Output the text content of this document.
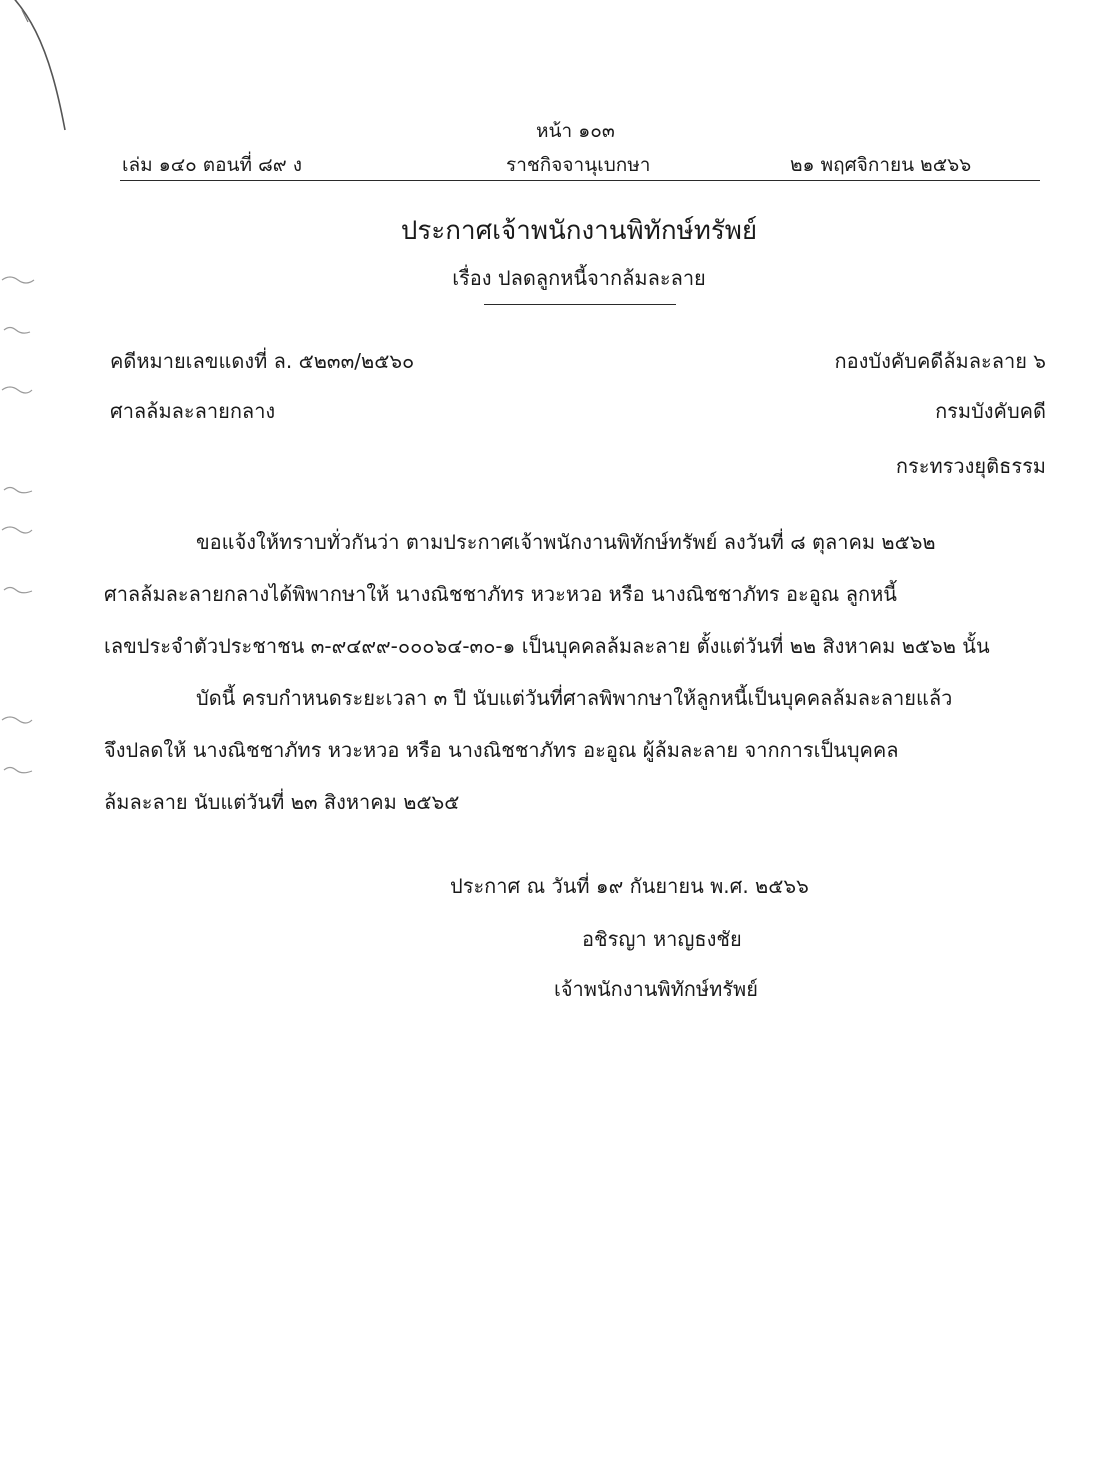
หน้า ๑๐๓
เล่ม ๑๔๐ ตอนที่ ๘๙ ง	ราชกิจจานุเบกษา	๒๑ พฤศจิกายน ๒๕๖๖
ประกาศเจ้าพนักงานพิทักษ์ทรัพย์
เรื่อง ปลดลูกหนี้จากล้มละลาย
คดีหมายเลขแดงที่ ล. ๕๒๓๓/๒๕๖๐
ศาลล้มละลายกลาง
กองบังคับคดีล้มละลาย ๖
กรมบังคับคดี
กระทรวงยุติธรรม
ขอแจ้งให้ทราบทั่วกันว่า ตามประกาศเจ้าพนักงานพิทักษ์ทรัพย์ ลงวันที่ ๘ ตุลาคม ๒๕๖๒
ศาลล้มละลายกลางได้พิพากษาให้ นางณิชชาภัทร หวะหวอ หรือ นางณิชชาภัทร อะอูณ ลูกหนี้
เลขประจำตัวประชาชน ๓-๙๔๙๙-๐๐๐๖๔-๓๐-๑ เป็นบุคคลล้มละลาย ตั้งแต่วันที่ ๒๒ สิงหาคม ๒๕๖๒ นั้น
บัดนี้ ครบกำหนดระยะเวลา ๓ ปี นับแต่วันที่ศาลพิพากษาให้ลูกหนี้เป็นบุคคลล้มละลายแล้ว
จึงปลดให้ นางณิชชาภัทร หวะหวอ หรือ นางณิชชาภัทร อะอูณ ผู้ล้มละลาย จากการเป็นบุคคล
ล้มละลาย นับแต่วันที่ ๒๓ สิงหาคม ๒๕๖๕
ประกาศ ณ วันที่ ๑๙ กันยายน พ.ศ. ๒๕๖๖
อชิรญา หาญธงชัย
เจ้าพนักงานพิทักษ์ทรัพย์
